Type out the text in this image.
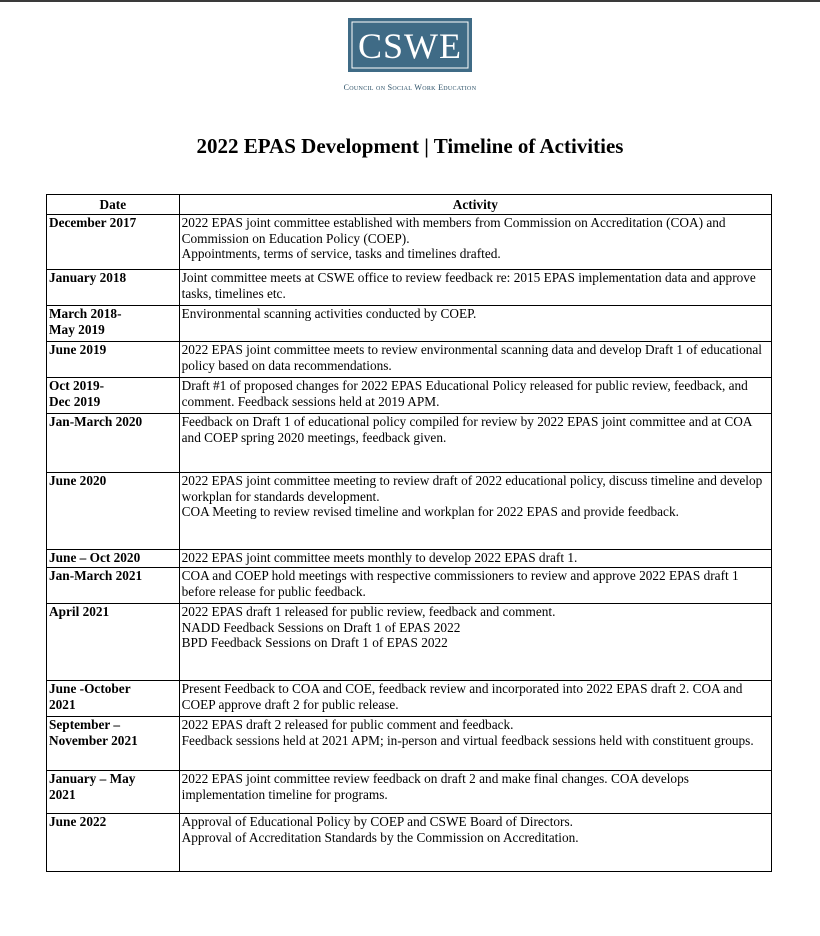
CSWE
Council on Social Work Education
2022 EPAS Development | Timeline of Activities
Date	Activity

December 2017	2022 EPAS joint committee established with members from Commission on Accreditation (COA) and Commission on Education Policy (COEP).
Appointments, terms of service, tasks and timelines drafted.

January 2018	Joint committee meets at CSWE office to review feedback re: 2015 EPAS implementation data and approve tasks, timelines etc.

March 2018-
May 2019	Environmental scanning activities conducted by COEP.

June 2019	2022 EPAS joint committee meets to review environmental scanning data and develop Draft 1 of educational policy based on data recommendations.

Oct 2019-
Dec 2019	Draft #1 of proposed changes for 2022 EPAS Educational Policy released for public review, feedback, and comment. Feedback sessions held at 2019 APM.

Jan-March 2020	Feedback on Draft 1 of educational policy compiled for review by 2022 EPAS joint committee and at COA and COEP spring 2020 meetings, feedback given.

June 2020	2022 EPAS joint committee meeting to review draft of 2022 educational policy, discuss timeline and develop workplan for standards development.
COA Meeting to review revised timeline and workplan for 2022 EPAS and provide feedback.

June – Oct 2020	2022 EPAS joint committee meets monthly to develop 2022 EPAS draft 1.

Jan-March 2021	COA and COEP hold meetings with respective commissioners to review and approve 2022 EPAS draft 1 before release for public feedback.

April 2021	2022 EPAS draft 1 released for public review, feedback and comment.
NADD Feedback Sessions on Draft 1 of EPAS 2022
BPD Feedback Sessions on Draft 1 of EPAS 2022

June -October
2021	Present Feedback to COA and COE, feedback review and incorporated into 2022 EPAS draft 2. COA and COEP approve draft 2 for public release.

September –
November 2021	2022 EPAS draft 2 released for public comment and feedback.
Feedback sessions held at 2021 APM; in-person and virtual feedback sessions held with constituent groups.

January – May
2021	2022 EPAS joint committee review feedback on draft 2 and make final changes. COA develops implementation timeline for programs.

June 2022	Approval of Educational Policy by COEP and CSWE Board of Directors.
Approval of Accreditation Standards by the Commission on Accreditation.
